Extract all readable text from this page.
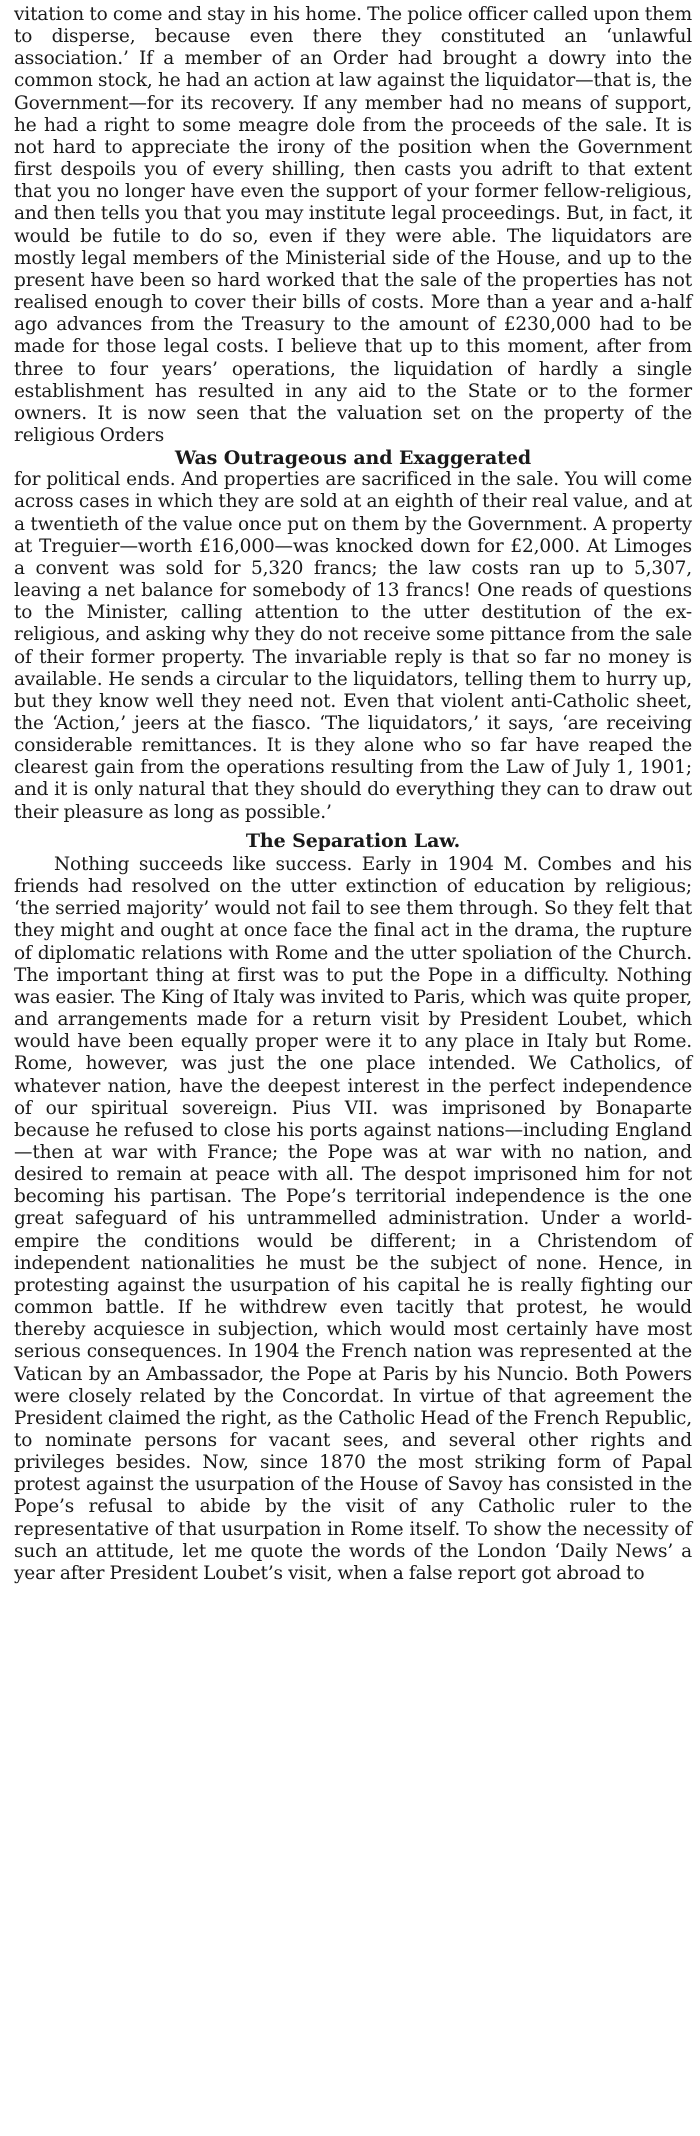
vitation to come and stay in his home. The police officer called upon them to disperse, because even there they constituted an ‘unlawful association.’ If a member of an Order had brought a dowry into the common stock, he had an action at law against the liquidator—that is, the Government—for its recovery. If any member had no means of support, he had a right to some meagre dole from the proceeds of the sale. It is not hard to appreciate the irony of the position when the Government first despoils you of every shilling, then casts you adrift to that extent that you no longer have even the support of your former fellow-religious, and then tells you that you may institute legal proceedings. But, in fact, it would be futile to do so, even if they were able. The liquidators are mostly legal members of the Ministerial side of the House, and up to the present have been so hard worked that the sale of the properties has not realised enough to cover their bills of costs. More than a year and a-half ago advances from the Treasury to the amount of £230,000 had to be made for those legal costs. I believe that up to this moment, after from three to four years’ operations, the liquidation of hardly a single establishment has resulted in any aid to the State or to the former owners. It is now seen that the valuation set on the property of the religious Orders

Was Outrageous and Exaggerated

for political ends. And properties are sacrificed in the sale. You will come across cases in which they are sold at an eighth of their real value, and at a twentieth of the value once put on them by the Government. A property at Treguier—worth £16,000—was knocked down for £2,000. At Limoges a convent was sold for 5,320 francs; the law costs ran up to 5,307, leaving a net balance for somebody of 13 francs! One reads of questions to the Minister, calling attention to the utter destitution of the ex-religious, and asking why they do not receive some pittance from the sale of their former property. The invariable reply is that so far no money is available. He sends a circular to the liquidators, telling them to hurry up, but they know well they need not. Even that violent anti-Catholic sheet, the ‘Action,’ jeers at the fiasco. ‘The liquidators,’ it says, ‘are receiving considerable remittances. It is they alone who so far have reaped the clearest gain from the operations resulting from the Law of July 1, 1901; and it is only natural that they should do everything they can to draw out their pleasure as long as possible.’

The Separation Law.

Nothing succeeds like success. Early in 1904 M. Combes and his friends had resolved on the utter extinction of education by religious; ‘the serried majority’ would not fail to see them through. So they felt that they might and ought at once face the final act in the drama, the rupture of diplomatic relations with Rome and the utter spoliation of the Church. The important thing at first was to put the Pope in a difficulty. Nothing was easier. The King of Italy was invited to Paris, which was quite proper, and arrangements made for a return visit by President Loubet, which would have been equally proper were it to any place in Italy but Rome. Rome, however, was just the one place intended. We Catholics, of whatever nation, have the deepest interest in the perfect independence of our spiritual sovereign. Pius VII. was imprisoned by Bonaparte because he refused to close his ports against nations—including England—then at war with France; the Pope was at war with no nation, and desired to remain at peace with all. The despot imprisoned him for not becoming his partisan. The Pope’s territorial independence is the one great safeguard of his untrammelled administration. Under a world-empire the conditions would be different; in a Christendom of independent nationalities he must be the subject of none. Hence, in protesting against the usurpation of his capital he is really fighting our common battle. If he withdrew even tacitly that protest, he would thereby acquiesce in subjection, which would most certainly have most serious consequences. In 1904 the French nation was represented at the Vatican by an Ambassador, the Pope at Paris by his Nuncio. Both Powers were closely related by the Concordat. In virtue of that agreement the President claimed the right, as the Catholic Head of the French Republic, to nominate persons for vacant sees, and several other rights and privileges besides. Now, since 1870 the most striking form of Papal protest against the usurpation of the House of Savoy has consisted in the Pope’s refusal to abide by the visit of any Catholic ruler to the representative of that usurpation in Rome itself. To show the necessity of such an attitude, let me quote the words of the London ‘Daily News’ a year after President Loubet’s visit, when a false report got abroad to
